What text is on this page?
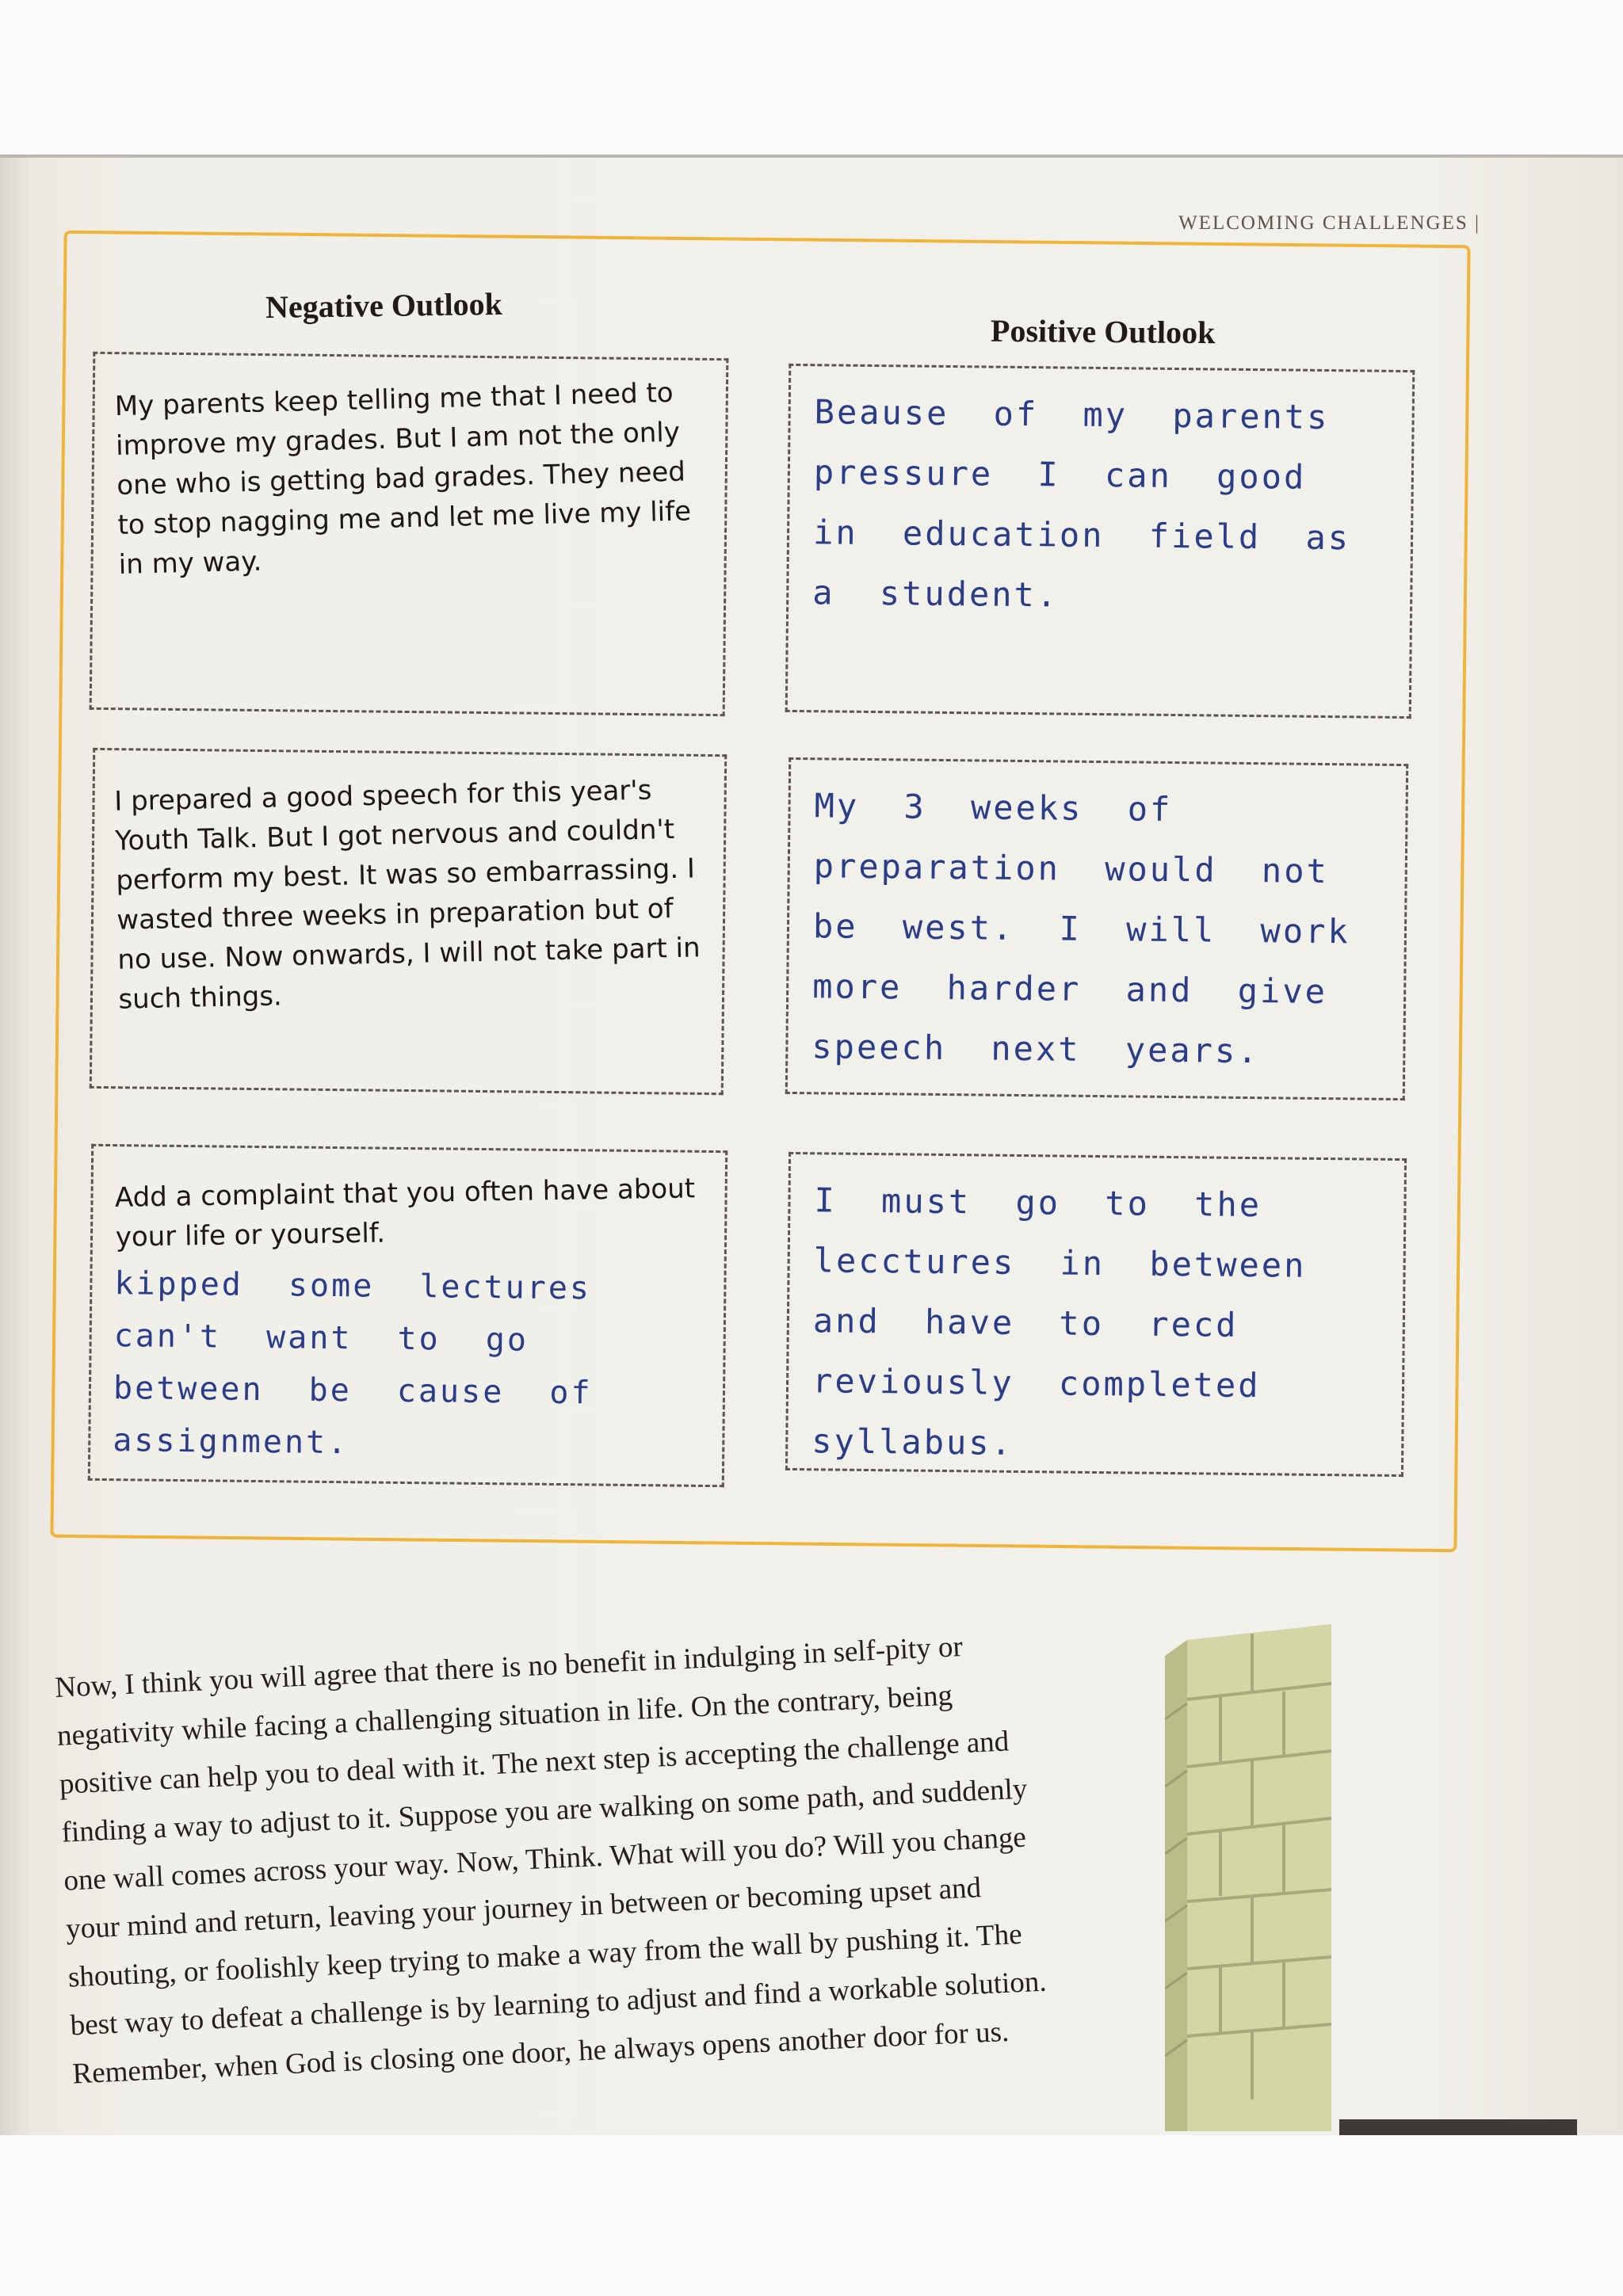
WELCOMING CHALLENGES |
Negative Outlook
Positive Outlook
My parents keep telling me that I need to improve my grades. But I am not the only one who is getting bad grades. They need to stop nagging me and let me live my life in my way.
Beause of my parents pressure I can good in education field as a student.
I prepared a good speech for this year's Youth Talk. But I got nervous and couldn't perform my best. It was so embarrassing. I wasted three weeks in preparation but of no use. Now onwards, I will not take part in such things.
My 3 weeks of preparation would not be west. I will work more harder and give speech next years.
Add a complaint that you often have about your life or yourself.
kipped some lectures can't want to go between be cause of assignment.
I must go to the lecctures in between and have to recd reviously completed syllabus.
Now, I think you will agree that there is no benefit in indulging in self-pity or negativity while facing a challenging situation in life. On the contrary, being positive can help you to deal with it. The next step is accepting the challenge and finding a way to adjust to it. Suppose you are walking on some path, and suddenly one wall comes across your way. Now, Think. What will you do? Will you change your mind and return, leaving your journey in between or becoming upset and shouting, or foolishly keep trying to make a way from the wall by pushing it. The best way to defeat a challenge is by learning to adjust and find a workable solution. Remember, when God is closing one door, he always opens another door for us.
